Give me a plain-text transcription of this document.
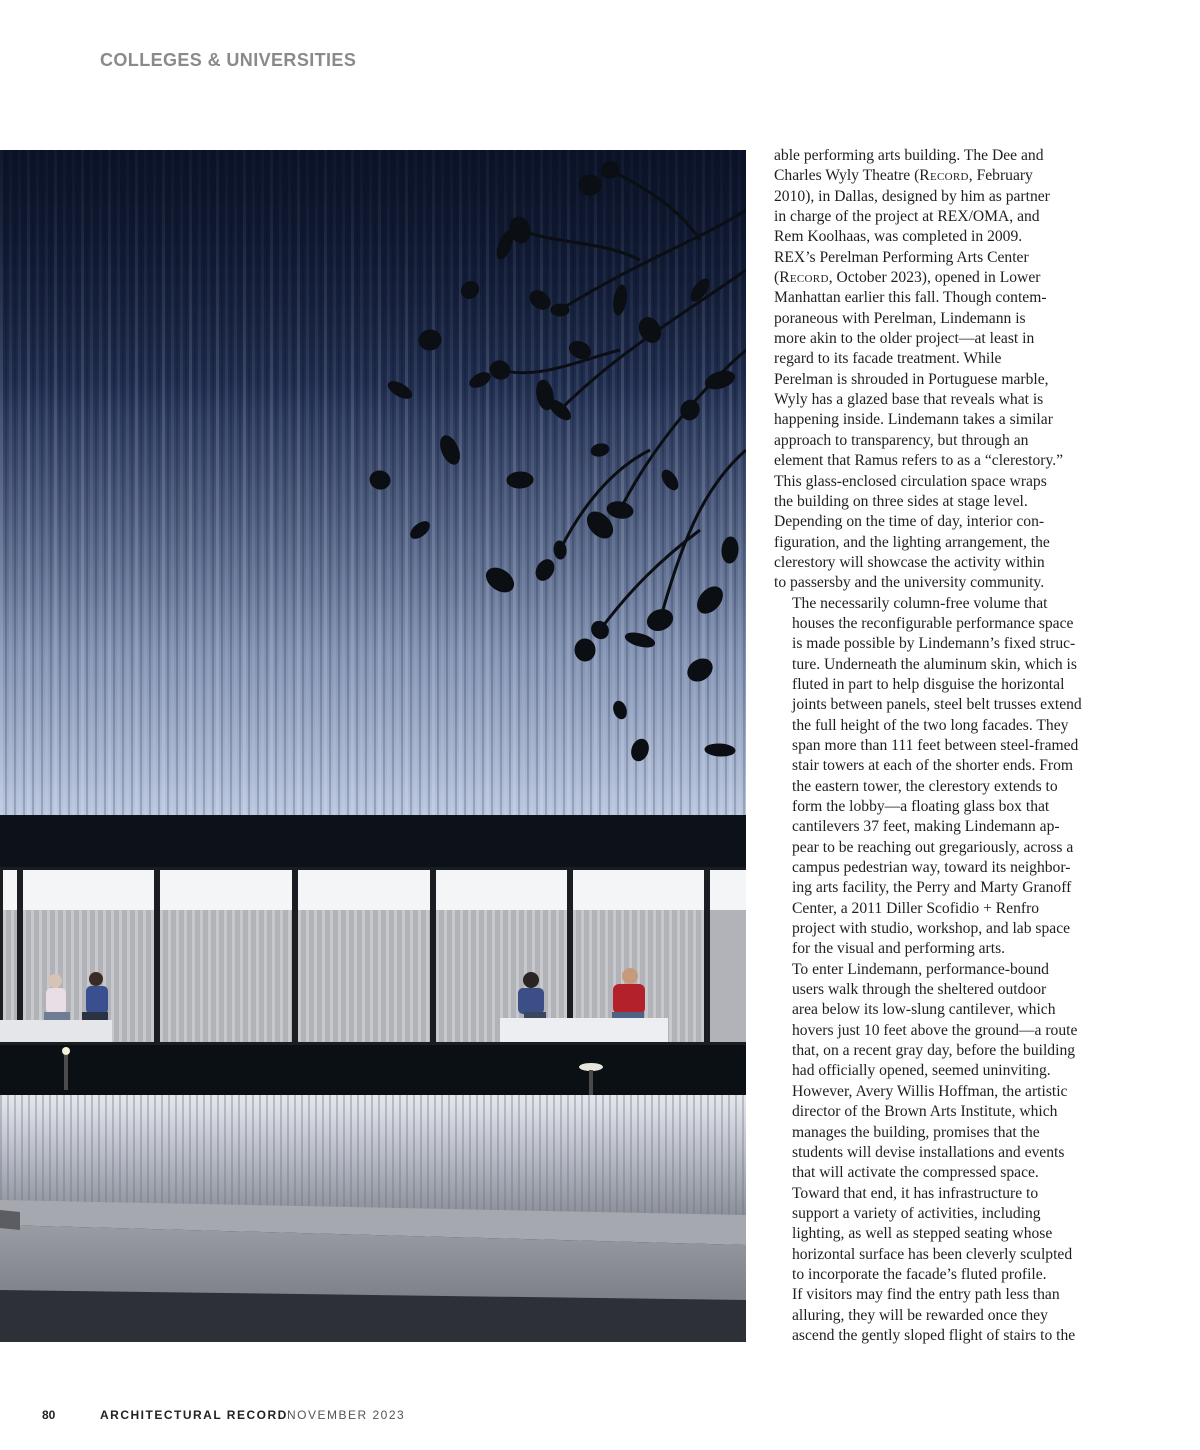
COLLEGES & UNIVERSITIES

able performing arts building. The Dee and
Charles Wyly Theatre (Record, February
2010), in Dallas, designed by him as partner
in charge of the project at REX/OMA, and
Rem Koolhaas, was completed in 2009.
REX’s Perelman Performing Arts Center
(Record, October 2023), opened in Lower
Manhattan earlier this fall. Though contem-
poraneous with Perelman, Lindemann is
more akin to the older project—at least in
regard to its facade treatment. While
Perelman is shrouded in Portuguese marble,
Wyly has a glazed base that reveals what is
happening inside. Lindemann takes a similar
approach to transparency, but through an
element that Ramus refers to as a “clerestory.”
This glass-enclosed circulation space wraps
the building on three sides at stage level.
Depending on the time of day, interior con-
figuration, and the lighting arrangement, the
clerestory will showcase the activity within
to passersby and the university community.

The necessarily column-free volume that
houses the reconfigurable performance space
is made possible by Lindemann’s fixed struc-
ture. Underneath the aluminum skin, which is
fluted in part to help disguise the horizontal
joints between panels, steel belt trusses extend
the full height of the two long facades. They
span more than 111 feet between steel-framed
stair towers at each of the shorter ends. From
the eastern tower, the clerestory extends to
form the lobby—a floating glass box that
cantilevers 37 feet, making Lindemann ap-
pear to be reaching out gregariously, across a
campus pedestrian way, toward its neighbor-
ing arts facility, the Perry and Marty Granoff
Center, a 2011 Diller Scofidio + Renfro
project with studio, workshop, and lab space
for the visual and performing arts.

To enter Lindemann, performance-bound
users walk through the sheltered outdoor
area below its low-slung cantilever, which
hovers just 10 feet above the ground—a route
that, on a recent gray day, before the building
had officially opened, seemed uninviting.
However, Avery Willis Hoffman, the artistic
director of the Brown Arts Institute, which
manages the building, promises that the
students will devise installations and events
that will activate the compressed space.
Toward that end, it has infrastructure to
support a variety of activities, including
lighting, as well as stepped seating whose
horizontal surface has been cleverly sculpted
to incorporate the facade’s fluted profile.

If visitors may find the entry path less than
alluring, they will be rewarded once they
ascend the gently sloped flight of stairs to the

80	ARCHITECTURAL RECORD NOVEMBER 2023
